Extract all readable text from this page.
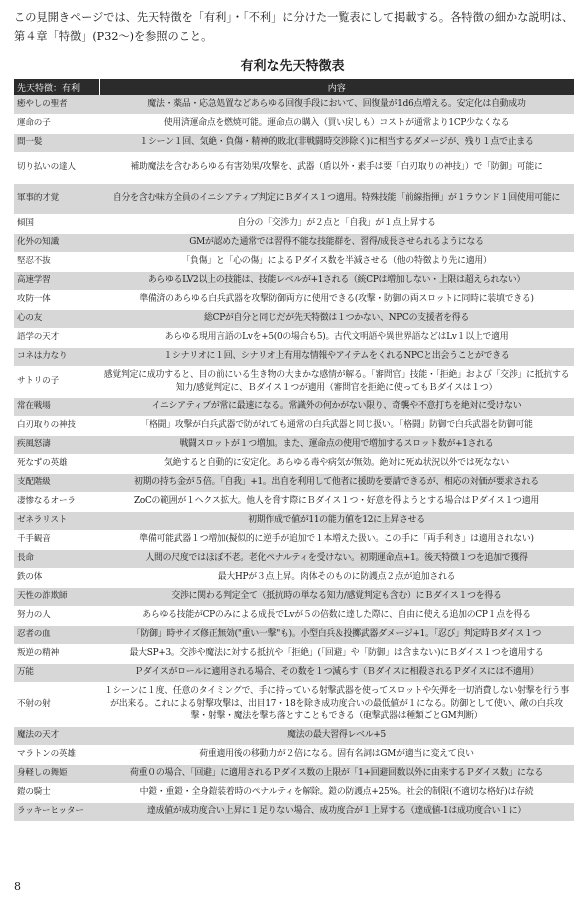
この見開きページでは、先天特徴を「有利」・「不利」に分けた一覧表にして掲載する。各特徴の細かな説明は、第４章「特徴」(P32〜)を参照のこと。

有利な先天特徴表

先天特徴：有利	内容
癒やしの聖者	魔法・薬品・応急処置などあらゆる回復手段において、回復量が1d6点増える。安定化は自動成功
運命の子	使用済運命点を燃焼可能。運命点の購入（買い戻しも）コストが通常より1CP少なくなる
間一髪	１シーン１回、気絶・負傷・精神的敗北(非戦闘時交渉除く)に相当するダメージが、残り１点で止まる
切り払いの達人	補助魔法を含むあらゆる有害効果/攻撃を、武器（盾以外・素手は要「白刃取りの神技」）で「防御」可能に
軍事的才覚	自分を含む味方全員のイニシアティブ判定にＢダイス１つ適用。特殊技能「前線指揮」が１ラウンド１回使用可能に
傾国	自分の「交渉力」が２点と「自我」が１点上昇する
化外の知識	GMが認めた通常では習得不能な技能群を、習得/成長させられるようになる
堅忍不抜	「負傷」と「心の傷」によるＰダイス数を半減させる（他の特徴より先に適用）
高速学習	あらゆるLV2以上の技能は、技能レベルが+1される（統CPは増加しない・上限は超えられない）
攻防一体	準備済のあらゆる白兵武器を攻撃防御両方に使用できる(攻撃・防御の両スロットに同時に装填できる)
心の友	総CPが自分と同じだが先天特徴は１つかない、NPCの支援者を得る
語学の天才	あらゆる現用言語のLvを+5(0の場合も5)。古代文明語や異世界語などはLv１以上で適用
コネは力なり	１シナリオに１回、シナリオ上有用な情報やアイテムをくれるNPCと出会うことができる
サトリの子	感覚判定に成功すると、目の前にいる生き物の大まかな感情が解る。「審問官」技能・「拒絶」および「交渉」に抵抗する知力/感覚判定に、Ｂダイス１つが適用（審問官を拒絶に使ってもＢダイスは１つ）
常在戦場	イニシアティブが常に最速になる。常識外の何かがない限り、奇襲や不意打ちを絶対に受けない
白刃取りの神技	「格闘」攻撃が白兵武器で防がれても通常の白兵武器と同じ扱い。「格闘」防御で白兵武器を防御可能
疾風怒濤	戦闘スロットが１つ増加。また、運命点の使用で増加するスロット数が+1される
死なずの英雄	気絶すると自動的に安定化。あらゆる毒や病気が無効。絶対に死ぬ状況以外では死なない
支配階級	初期の持ち金が５倍。「自我」+1。出自を利用して他者に援助を要請できるが、相応の対価が要求される
凄惨なるオーラ	ZoCの範囲が１ヘクス拡大。他人を脅す際にＢダイス１つ・好意を得ようとする場合はＰダイス１つ適用
ゼネラリスト	初期作成で値が11の能力値を12に上昇させる
千手観音	準備可能武器１つ増加(擬似的に逆手が追加で１本増えた扱い。この手に「両手利き」は適用されない)
長命	人間の尺度ではほぼ不老。老化ペナルティを受けない。初期運命点+1。後天特徴１つを追加で獲得
鉄の体	最大HPが３点上昇。肉体そのものに防護点２点が追加される
天性の詐欺師	交渉に関わる判定全て（抵抗時の単なる知力/感覚判定も含む）にＢダイス１つを得る
努力の人	あらゆる技能がCPのみによる成長でLvが５の倍数に達した際に、自由に使える追加のCP１点を得る
忍者の血	「防御」時サイズ修正無効("重い一撃"も)。小型白兵＆投擲武器ダメージ+1。「忍び」判定時Ｂダイス１つ
叛逆の精神	最大SP+3。交渉や魔法に対する抵抗や「拒絶」(「回避」や「防御」は含まない)にＢダイス１つを適用する
万能	Ｐダイスがロールに適用される場合、その数を１つ減らす（Ｂダイスに相殺されるＰダイスには不適用）
不射の射	１シーンに１度、任意のタイミングで、手に持っている射撃武器を使ってスロットや矢弾を一切消費しない射撃を行う事が出来る。これによる射撃攻撃は、出目17・18を除き成功度合いの最低値が１になる。防御として使い、敵の白兵攻撃・射撃・魔法を撃ち落とすこともできる（砲撃武器は種類ごとGM判断）
魔法の天才	魔法の最大習得レベル+5
マラトンの英雄	荷重適用後の移動力が２倍になる。固有名詞はGMが適当に変えて良い
身軽しの舞姫	荷重０の場合、「回避」に適用されるＰダイス数の上限が「1+回避回数以外に由来するＰダイス数」になる
鎧の騎士	中鎧・重鎧・全身鎧装着時のペナルティを解除。鎧の防護点+25%。社会的制限(不適切な格好)は存続
ラッキーヒッター	達成値が成功度合い上昇に１足りない場合、成功度合が１上昇する（達成値-1は成功度合い１に）

8
